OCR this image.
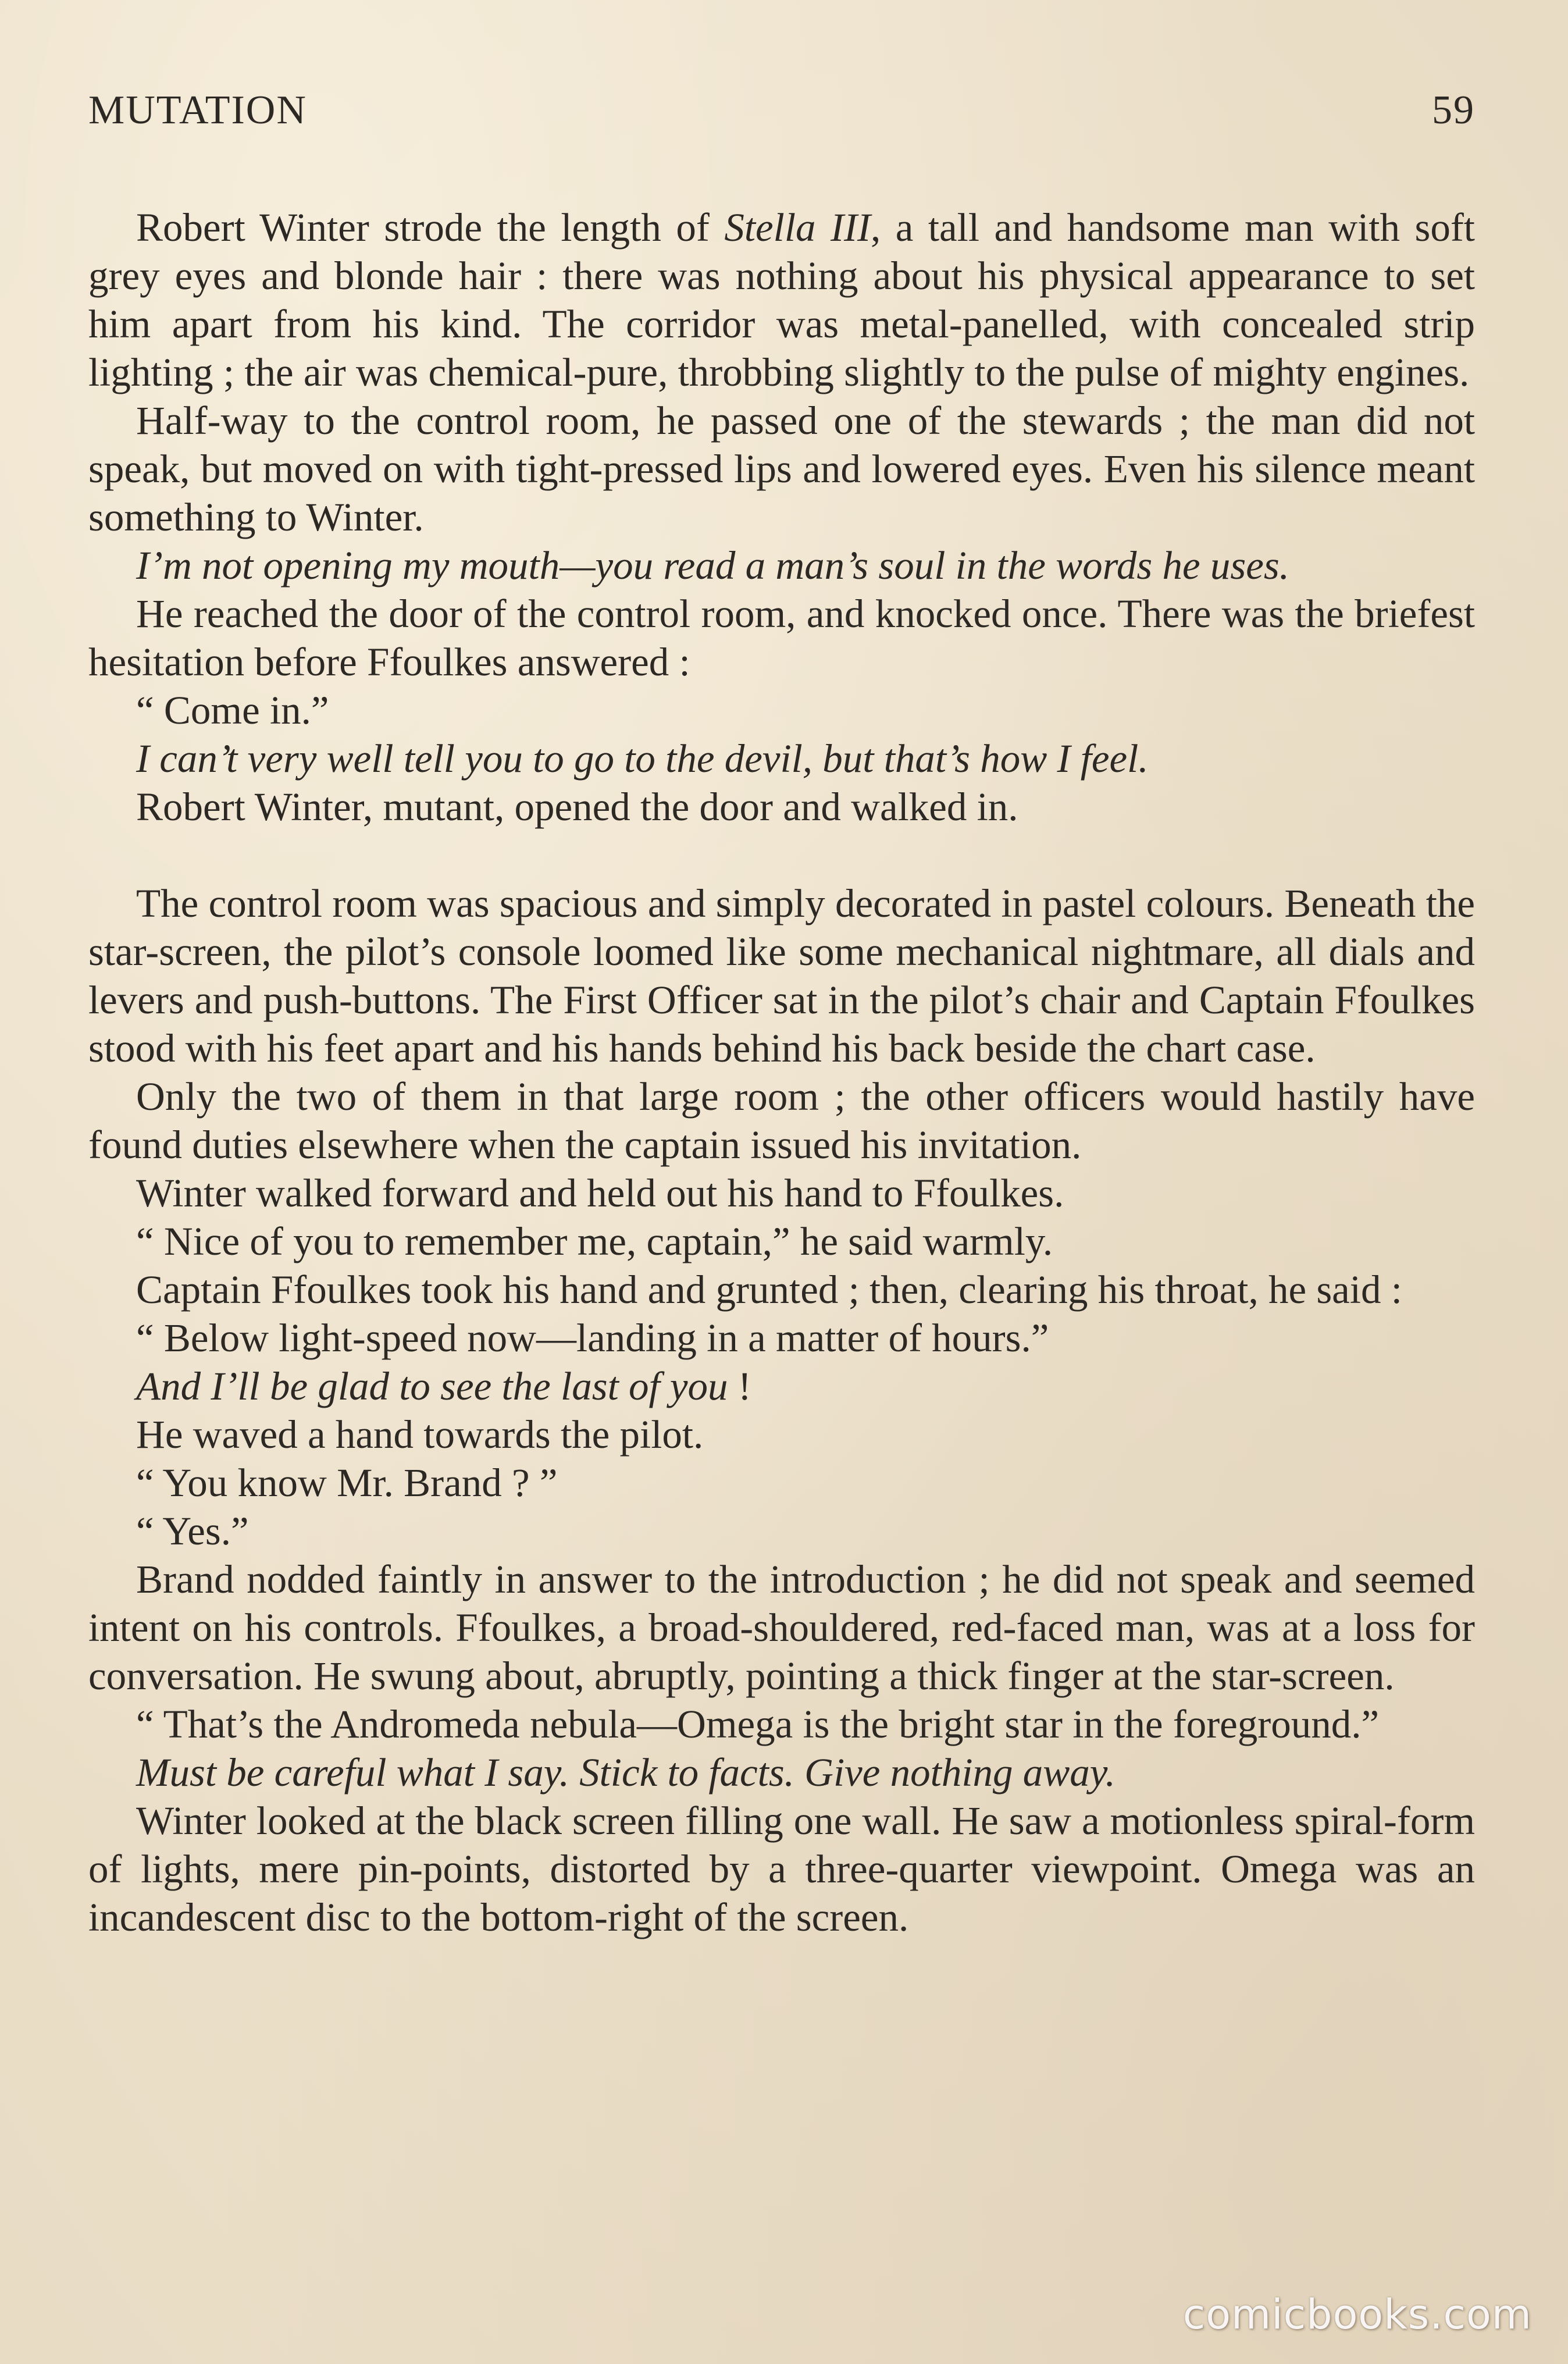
MUTATION	59

Robert Winter strode the length of Stella III, a tall and handsome man with soft grey eyes and blonde hair : there was nothing about his physical appearance to set him apart from his kind. The corridor was metal-panelled, with concealed strip lighting ; the air was chemical-pure, throbbing slightly to the pulse of mighty engines.

Half-way to the control room, he passed one of the stewards ; the man did not speak, but moved on with tight-pressed lips and lowered eyes. Even his silence meant something to Winter.

I’m not opening my mouth—you read a man’s soul in the words he uses.

He reached the door of the control room, and knocked once. There was the briefest hesitation before Ffoulkes answered :

“ Come in.”

I can’t very well tell you to go to the devil, but that’s how I feel.

Robert Winter, mutant, opened the door and walked in.

The control room was spacious and simply decorated in pastel colours. Beneath the star-screen, the pilot’s console loomed like some mechanical nightmare, all dials and levers and push-buttons. The First Officer sat in the pilot’s chair and Captain Ffoulkes stood with his feet apart and his hands behind his back beside the chart case.

Only the two of them in that large room ; the other officers would hastily have found duties elsewhere when the captain issued his invitation.

Winter walked forward and held out his hand to Ffoulkes.

“ Nice of you to remember me, captain,” he said warmly.

Captain Ffoulkes took his hand and grunted ; then, clearing his throat, he said :

“ Below light-speed now—landing in a matter of hours.”

And I’ll be glad to see the last of you !

He waved a hand towards the pilot.

“ You know Mr. Brand ? ”

“ Yes.”

Brand nodded faintly in answer to the introduction ; he did not speak and seemed intent on his controls. Ffoulkes, a broad-shouldered, red-faced man, was at a loss for conversation. He swung about, abruptly, pointing a thick finger at the star-screen.

“ That’s the Andromeda nebula—Omega is the bright star in the foreground.”

Must be careful what I say. Stick to facts. Give nothing away.

Winter looked at the black screen filling one wall. He saw a motionless spiral-form of lights, mere pin-points, distorted by a three-quarter viewpoint. Omega was an incandescent disc to the bottom-right of the screen.

comicbooks.com
